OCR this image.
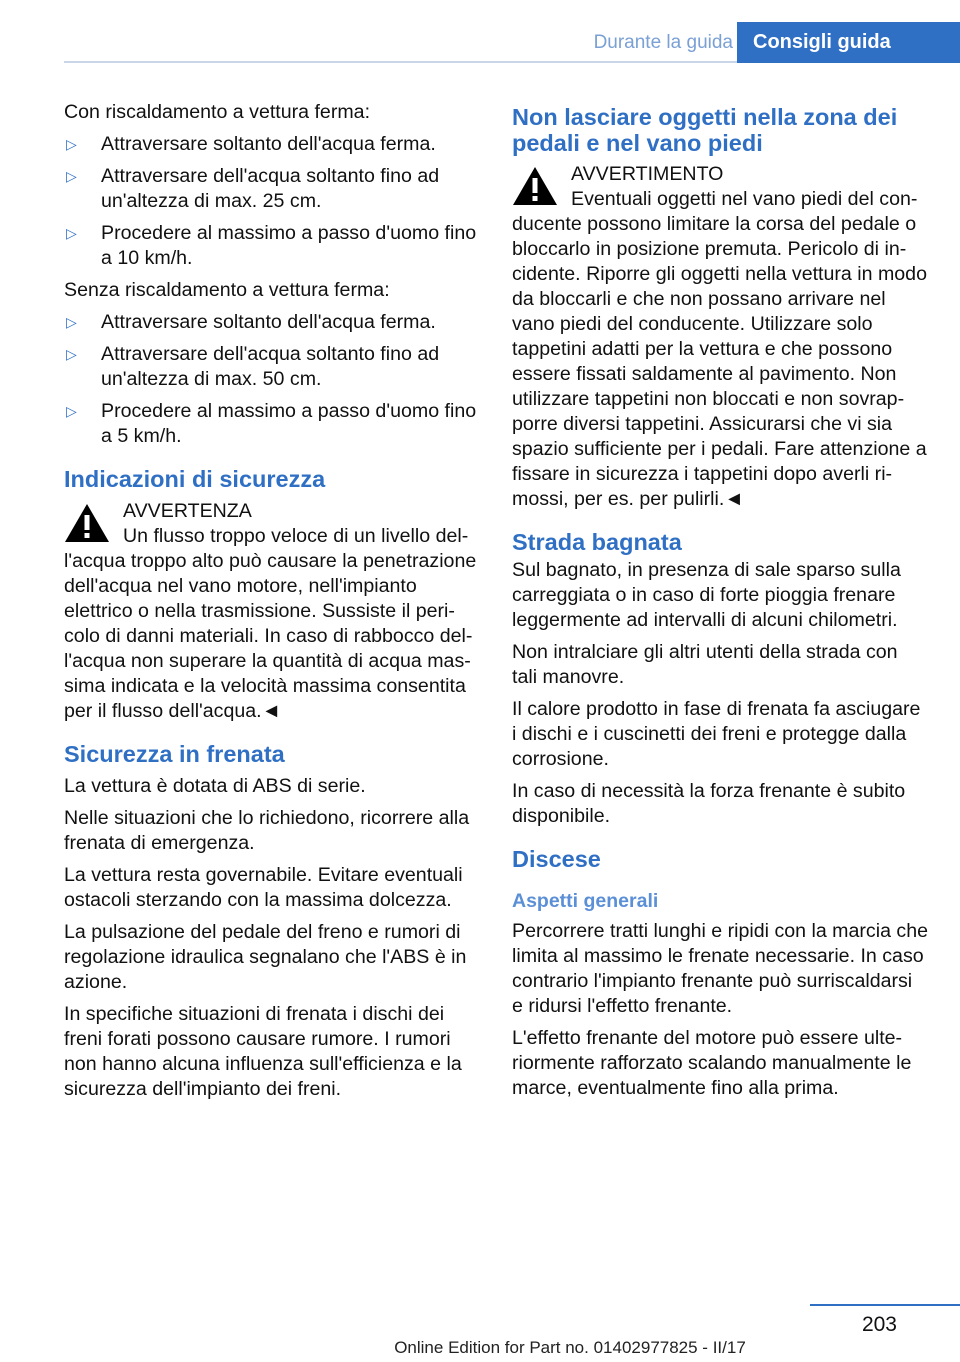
Durante la guida	Consigli guida

Con riscaldamento a vettura ferma:

▷	Attraversare soltanto dell'acqua ferma.
▷	Attraversare dell'acqua soltanto fino ad un'altezza di max. 25 cm.
▷	Procedere al massimo a passo d'uomo fino a 10 km/h.

Senza riscaldamento a vettura ferma:

▷	Attraversare soltanto dell'acqua ferma.
▷	Attraversare dell'acqua soltanto fino ad un'altezza di max. 50 cm.
▷	Procedere al massimo a passo d'uomo fino a 5 km/h.
Indicazioni di sicurezza
AVVERTENZA
Un flusso troppo veloce di un livello dell'acqua troppo alto può causare la penetrazione dell'acqua nel vano motore, nell'impianto elettrico o nella trasmissione. Sussiste il pericolo di danni materiali. In caso di rabbocco dell'acqua non superare la quantità di acqua massima indicata e la velocità massima consentita per il flusso dell'acqua.◄
Sicurezza in frenata

La vettura è dotata di ABS di serie.

Nelle situazioni che lo richiedono, ricorrere alla frenata di emergenza.

La vettura resta governabile. Evitare eventuali ostacoli sterzando con la massima dolcezza.

La pulsazione del pedale del freno e rumori di regolazione idraulica segnalano che l'ABS è in azione.

In specifiche situazioni di frenata i dischi dei freni forati possono causare rumore. I rumori non hanno alcuna influenza sull'efficienza e la sicurezza dell'impianto dei freni.

Non lasciare oggetti nella zona dei pedali e nel vano piedi
AVVERTIMENTO
Eventuali oggetti nel vano piedi del conducente possono limitare la corsa del pedale o bloccarlo in posizione premuta. Pericolo di incidente. Riporre gli oggetti nella vettura in modo da bloccarli e che non possano arrivare nel vano piedi del conducente. Utilizzare solo tappetini adatti per la vettura e che possono essere fissati saldamente al pavimento. Non utilizzare tappetini non bloccati e non sovrapporre diversi tappetini. Assicurarsi che vi sia spazio sufficiente per i pedali. Fare attenzione a fissare in sicurezza i tappetini dopo averli rimossi, per es. per pulirli.◄
Strada bagnata

Sul bagnato, in presenza di sale sparso sulla carreggiata o in caso di forte pioggia frenare leggermente ad intervalli di alcuni chilometri.

Non intralciare gli altri utenti della strada con tali manovre.

Il calore prodotto in fase di frenata fa asciugare i dischi e i cuscinetti dei freni e protegge dalla corrosione.

In caso di necessità la forza frenante è subito disponibile.

Discese
Aspetti generali

Percorrere tratti lunghi e ripidi con la marcia che limita al massimo le frenate necessarie. In caso contrario l'impianto frenante può surriscaldarsi e ridursi l'effetto frenante.

L'effetto frenante del motore può essere ulteriormente rafforzato scalando manualmente le marce, eventualmente fino alla prima.

203
Online Edition for Part no. 01402977825 - II/17
